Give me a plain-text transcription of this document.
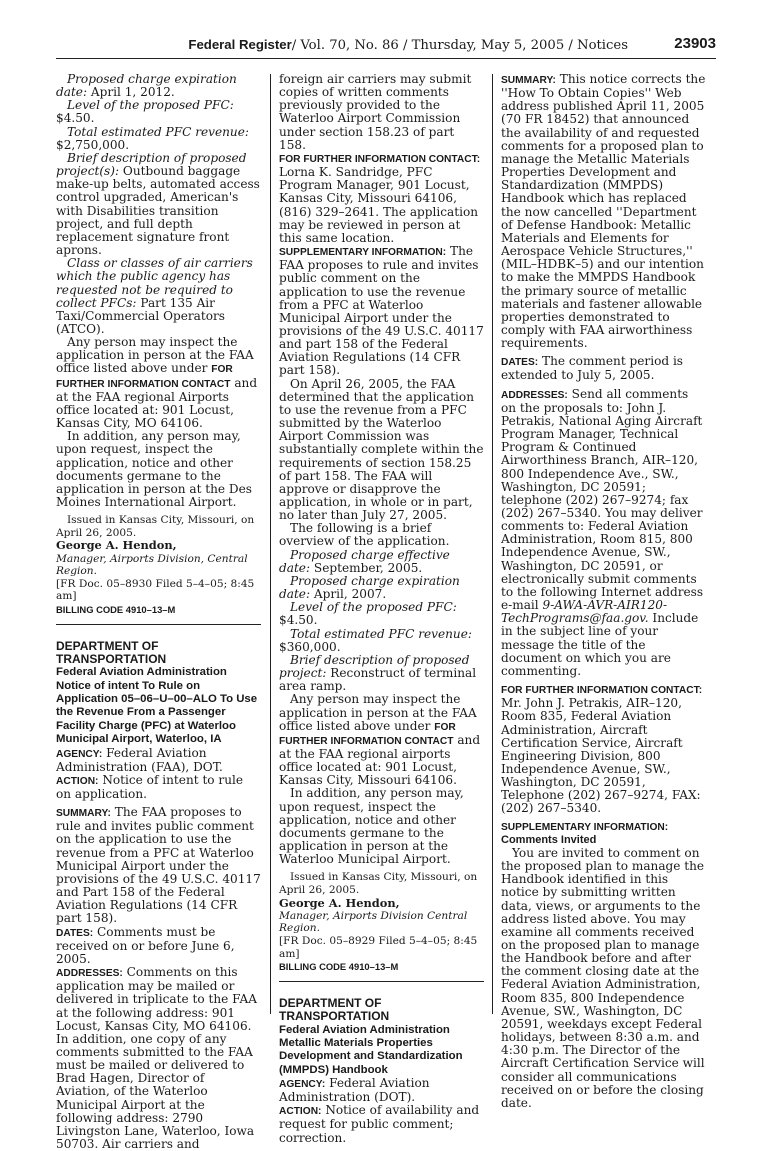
Federal Register/ Vol. 70, No. 86 / Thursday, May 5, 2005 / Notices	23903

Proposed charge expiration date: April 1, 2012.

Level of the proposed PFC: $4.50.

Total estimated PFC revenue: $2,750,000.

Brief description of proposed project(s): Outbound baggage make-up belts, automated access control upgraded, American's with Disabilities transition project, and full depth replacement signature front aprons.

Class or classes of air carriers which the public agency has requested not be required to collect PFCs: Part 135 Air Taxi/Commercial Operators (ATCO).

Any person may inspect the application in person at the FAA office listed above under FOR FURTHER INFORMATION CONTACT and at the FAA regional Airports office located at: 901 Locust, Kansas City, MO 64106.

In addition, any person may, upon request, inspect the application, notice and other documents germane to the application in person at the Des Moines International Airport.

Issued in Kansas City, Missouri, on April 26, 2005.

George A. Hendon,

Manager, Airports Division, Central Region.

[FR Doc. 05–8930 Filed 5–4–05; 8:45 am]

BILLING CODE 4910–13–M

DEPARTMENT OF TRANSPORTATION

Federal Aviation Administration

Notice of intent To Rule on Application 05–06–U–00–ALO To Use the Revenue From a Passenger Facility Charge (PFC) at Waterloo Municipal Airport, Waterloo, IA

AGENCY: Federal Aviation Administration (FAA), DOT.

ACTION: Notice of intent to rule on application.

SUMMARY: The FAA proposes to rule and invites public comment on the application to use the revenue from a PFC at Waterloo Municipal Airport under the provisions of the 49 U.S.C. 40117 and Part 158 of the Federal Aviation Regulations (14 CFR part 158).

DATES: Comments must be received on or before June 6, 2005.

ADDRESSES: Comments on this application may be mailed or delivered in triplicate to the FAA at the following address: 901 Locust, Kansas City, MO 64106. In addition, one copy of any comments submitted to the FAA must be mailed or delivered to Brad Hagen, Director of Aviation, of the Waterloo Municipal Airport at the following address: 2790 Livingston Lane, Waterloo, Iowa 50703. Air carriers and

foreign air carriers may submit copies of written comments previously provided to the Waterloo Airport Commission under section 158.23 of part 158.

FOR FURTHER INFORMATION CONTACT: Lorna K. Sandridge, PFC Program Manager, 901 Locust, Kansas City, Missouri 64106, (816) 329–2641. The application may be reviewed in person at this same location.

SUPPLEMENTARY INFORMATION: The FAA proposes to rule and invites public comment on the application to use the revenue from a PFC at Waterloo Municipal Airport under the provisions of the 49 U.S.C. 40117 and part 158 of the Federal Aviation Regulations (14 CFR part 158).

On April 26, 2005, the FAA determined that the application to use the revenue from a PFC submitted by the Waterloo Airport Commission was substantially complete within the requirements of section 158.25 of part 158. The FAA will approve or disapprove the application, in whole or in part, no later than July 27, 2005.

The following is a brief overview of the application.

Proposed charge effective date: September, 2005.

Proposed charge expiration date: April, 2007.

Level of the proposed PFC: $4.50.

Total estimated PFC revenue: $360,000.

Brief description of proposed project: Reconstruct of terminal area ramp.

Any person may inspect the application in person at the FAA office listed above under FOR FURTHER INFORMATION CONTACT and at the FAA regional airports office located at: 901 Locust, Kansas City, Missouri 64106.

In addition, any person may, upon request, inspect the application, notice and other documents germane to the application in person at the Waterloo Municipal Airport.

Issued in Kansas City, Missouri, on April 26, 2005.

George A. Hendon,

Manager, Airports Division Central Region.

[FR Doc. 05–8929 Filed 5–4–05; 8:45 am]

BILLING CODE 4910–13–M

DEPARTMENT OF TRANSPORTATION

Federal Aviation Administration

Metallic Materials Properties Development and Standardization (MMPDS) Handbook

AGENCY: Federal Aviation Administration (DOT).

ACTION: Notice of availability and request for public comment; correction.

SUMMARY: This notice corrects the ''How To Obtain Copies'' Web address published April 11, 2005 (70 FR 18452) that announced the availability of and requested comments for a proposed plan to manage the Metallic Materials Properties Development and Standardization (MMPDS) Handbook which has replaced the now cancelled ''Department of Defense Handbook: Metallic Materials and Elements for Aerospace Vehicle Structures,'' (MIL–HDBK–5) and our intention to make the MMPDS Handbook the primary source of metallic materials and fastener allowable properties demonstrated to comply with FAA airworthiness requirements.

DATES: The comment period is extended to July 5, 2005.

ADDRESSES: Send all comments on the proposals to: John J. Petrakis, National Aging Aircraft Program Manager, Technical Program & Continued Airworthiness Branch, AIR–120, 800 Independence Ave., SW., Washington, DC 20591; telephone (202) 267–9274; fax (202) 267–5340. You may deliver comments to: Federal Aviation Administration, Room 815, 800 Independence Avenue, SW., Washington, DC 20591, or electronically submit comments to the following Internet address e-mail 9-AWA-AVR-AIR120-TechPrograms@faa.gov. Include in the subject line of your message the title of the document on which you are commenting.

FOR FURTHER INFORMATION CONTACT: Mr. John J. Petrakis, AIR–120, Room 835, Federal Aviation Administration, Aircraft Certification Service, Aircraft Engineering Division, 800 Independence Avenue, SW., Washington, DC 20591, Telephone (202) 267–9274, FAX: (202) 267–5340.

SUPPLEMENTARY INFORMATION:

Comments Invited

You are invited to comment on the proposed plan to manage the Handbook identified in this notice by submitting written data, views, or arguments to the address listed above. You may examine all comments received on the proposed plan to manage the Handbook before and after the comment closing date at the Federal Aviation Administration, Room 835, 800 Independence Avenue, SW., Washington, DC 20591, weekdays except Federal holidays, between 8:30 a.m. and 4:30 p.m. The Director of the Aircraft Certification Service will consider all communications received on or before the closing date.
